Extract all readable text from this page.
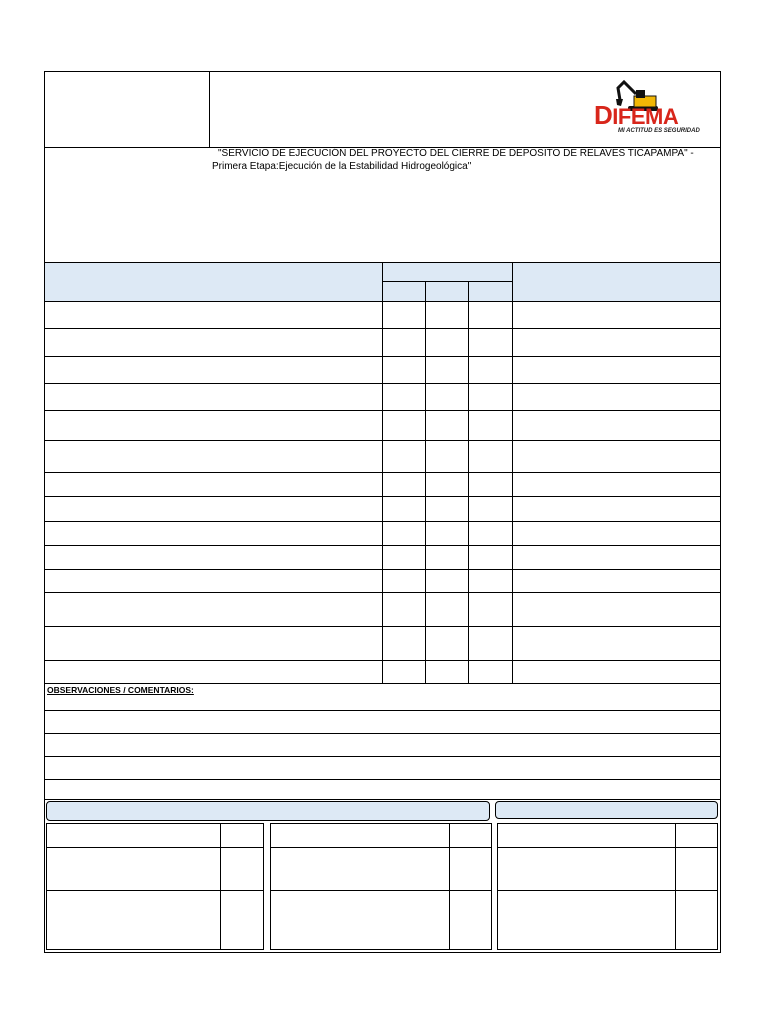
DIFEMA
MI ACTITUD ES SEGURIDAD
"SERVICIO DE EJECUCIÓN DEL PROYECTO DEL CIERRE DE DEPOSITO DE RELAVES TICAPAMPA" - Primera Etapa:Ejecución de la Estabilidad Hidrogeológica"
OBSERVACIONES / COMENTARIOS:
